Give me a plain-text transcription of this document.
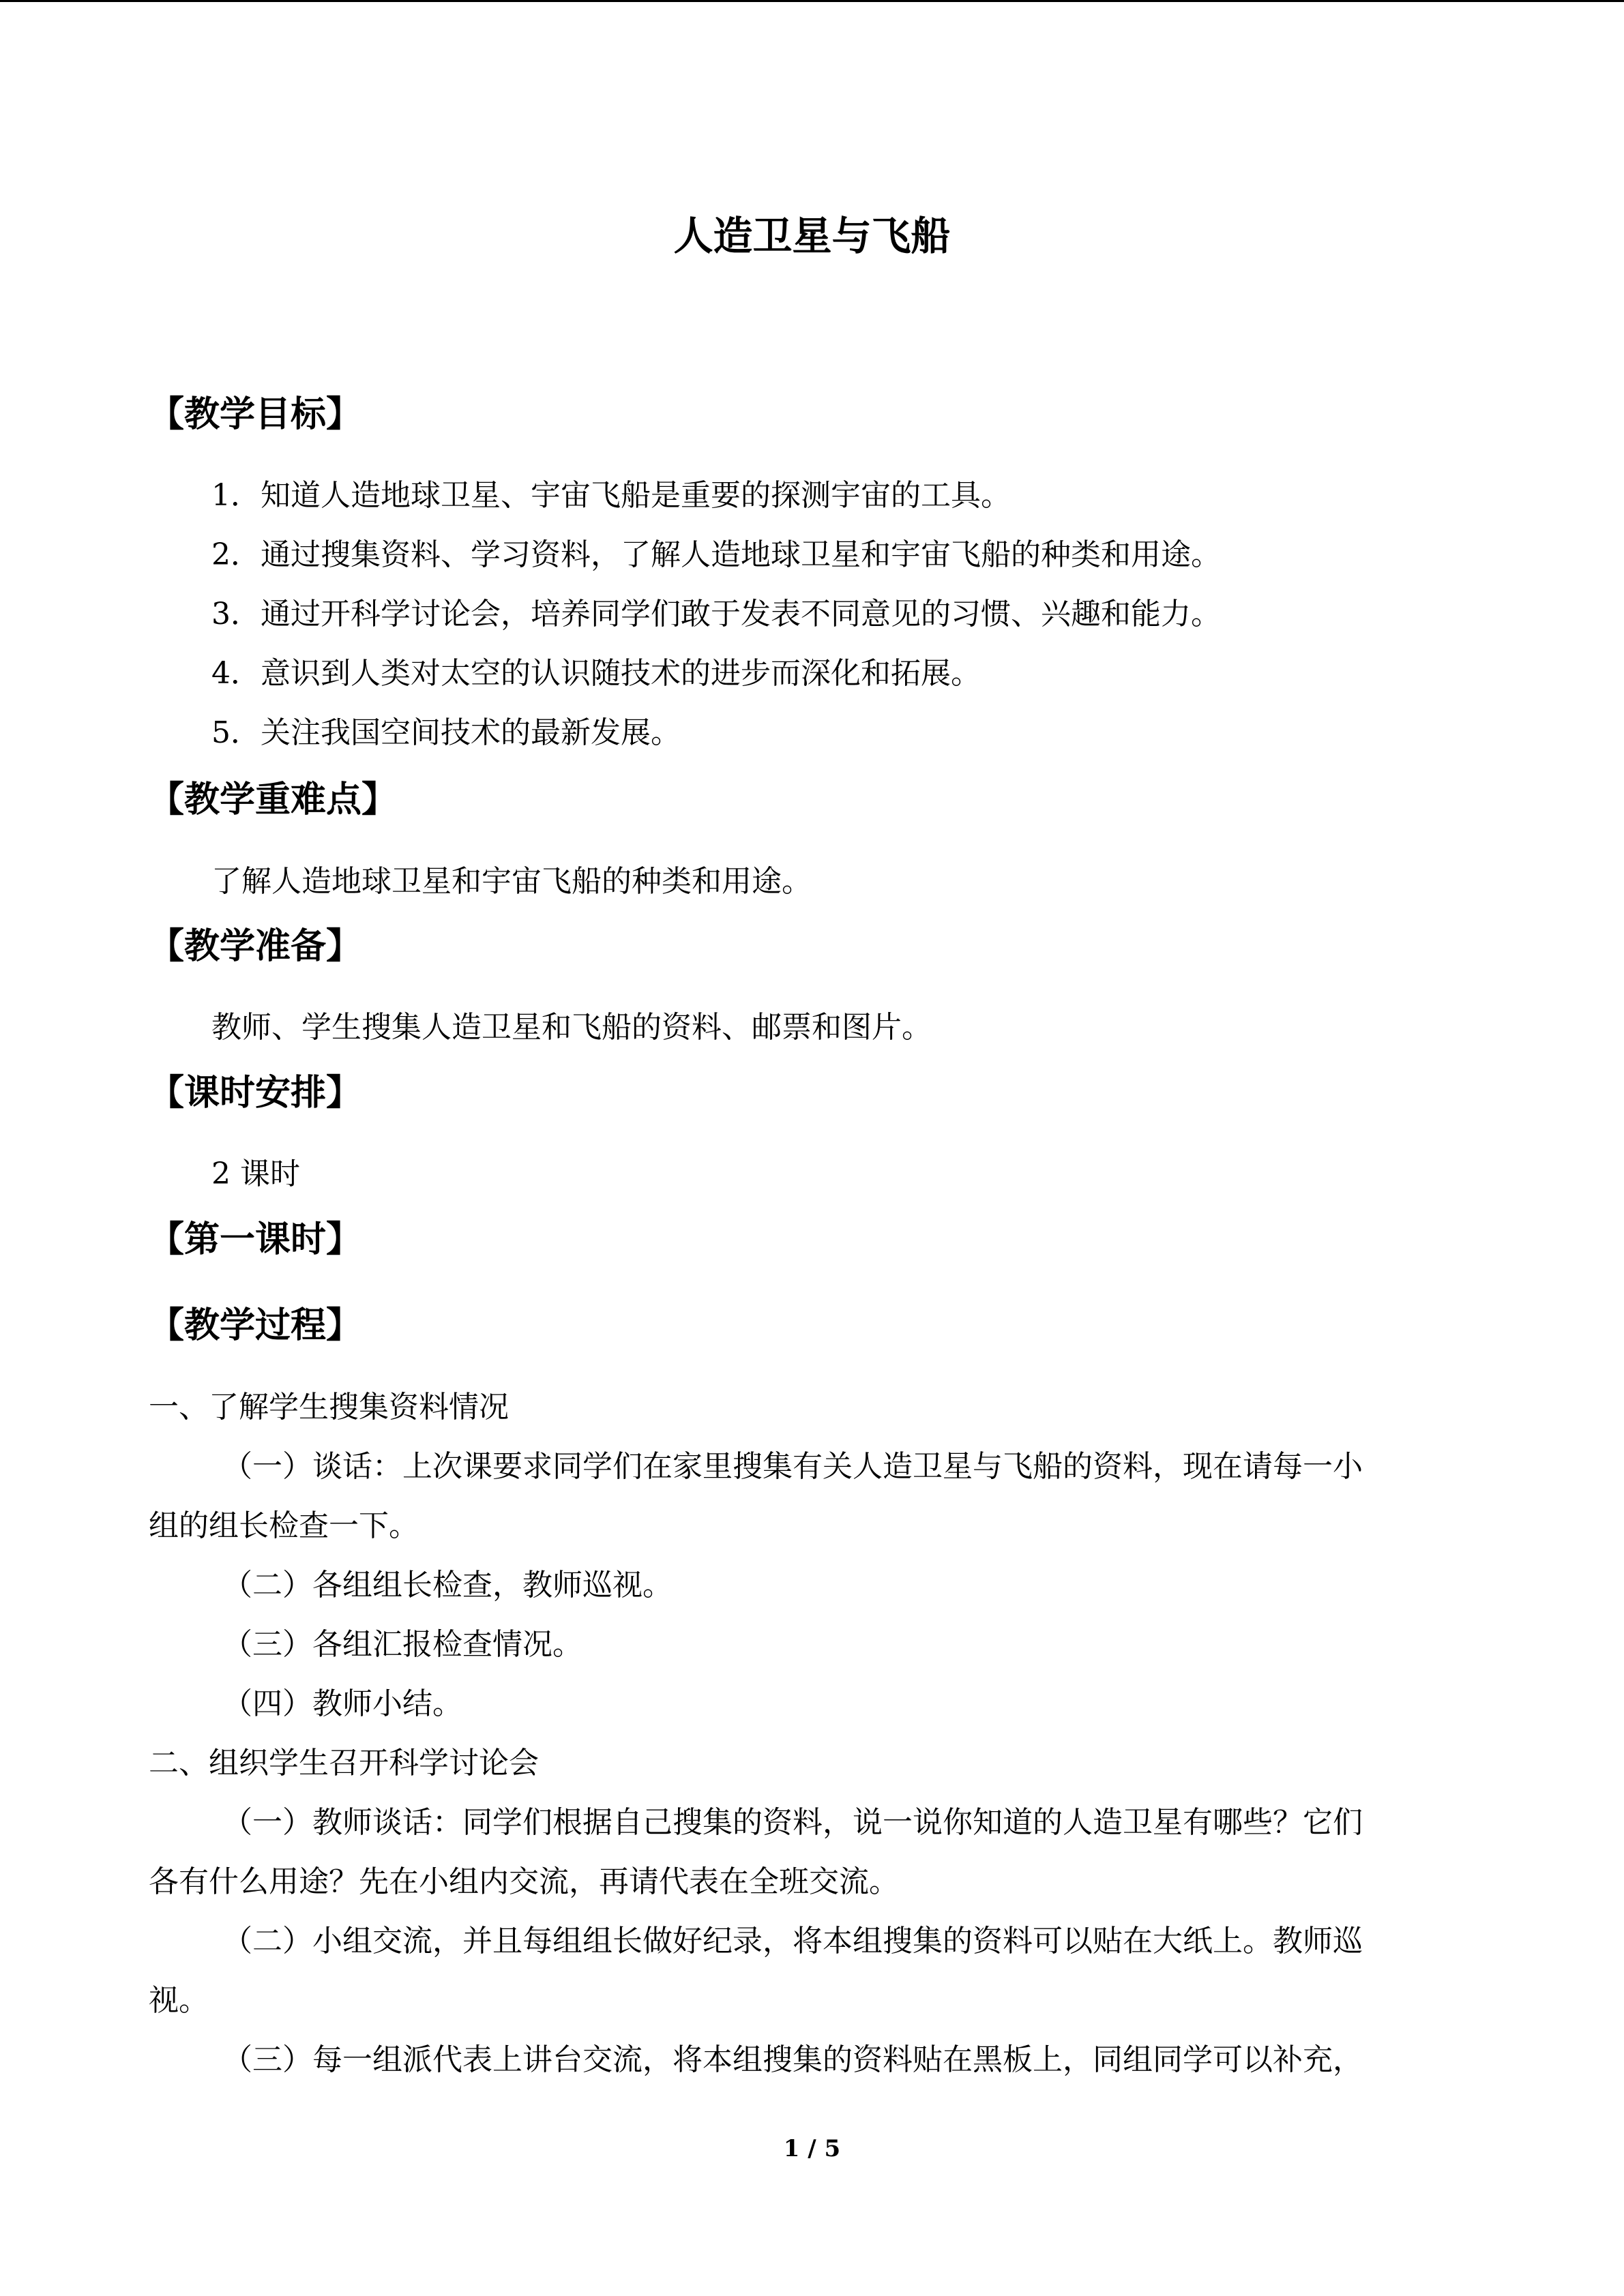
人造卫星与飞船
【教学目标】
1．知道人造地球卫星、宇宙飞船是重要的探测宇宙的工具。
2．通过搜集资料、学习资料，了解人造地球卫星和宇宙飞船的种类和用途。
3．通过开科学讨论会，培养同学们敢于发表不同意见的习惯、兴趣和能力。
4．意识到人类对太空的认识随技术的进步而深化和拓展。
5．关注我国空间技术的最新发展。
【教学重难点】
了解人造地球卫星和宇宙飞船的种类和用途。
【教学准备】
教师、学生搜集人造卫星和飞船的资料、邮票和图片。
【课时安排】
2 课时
【第一课时】
【教学过程】
一、了解学生搜集资料情况
（一）谈话：上次课要求同学们在家里搜集有关人造卫星与飞船的资料，现在请每一小
组的组长检查一下。
（二）各组组长检查，教师巡视。
（三）各组汇报检查情况。
（四）教师小结。
二、组织学生召开科学讨论会
（一）教师谈话：同学们根据自己搜集的资料，说一说你知道的人造卫星有哪些？它们
各有什么用途？先在小组内交流，再请代表在全班交流。
（二）小组交流，并且每组组长做好纪录，将本组搜集的资料可以贴在大纸上。教师巡
视。
（三）每一组派代表上讲台交流，将本组搜集的资料贴在黑板上，同组同学可以补充，
1 / 5
